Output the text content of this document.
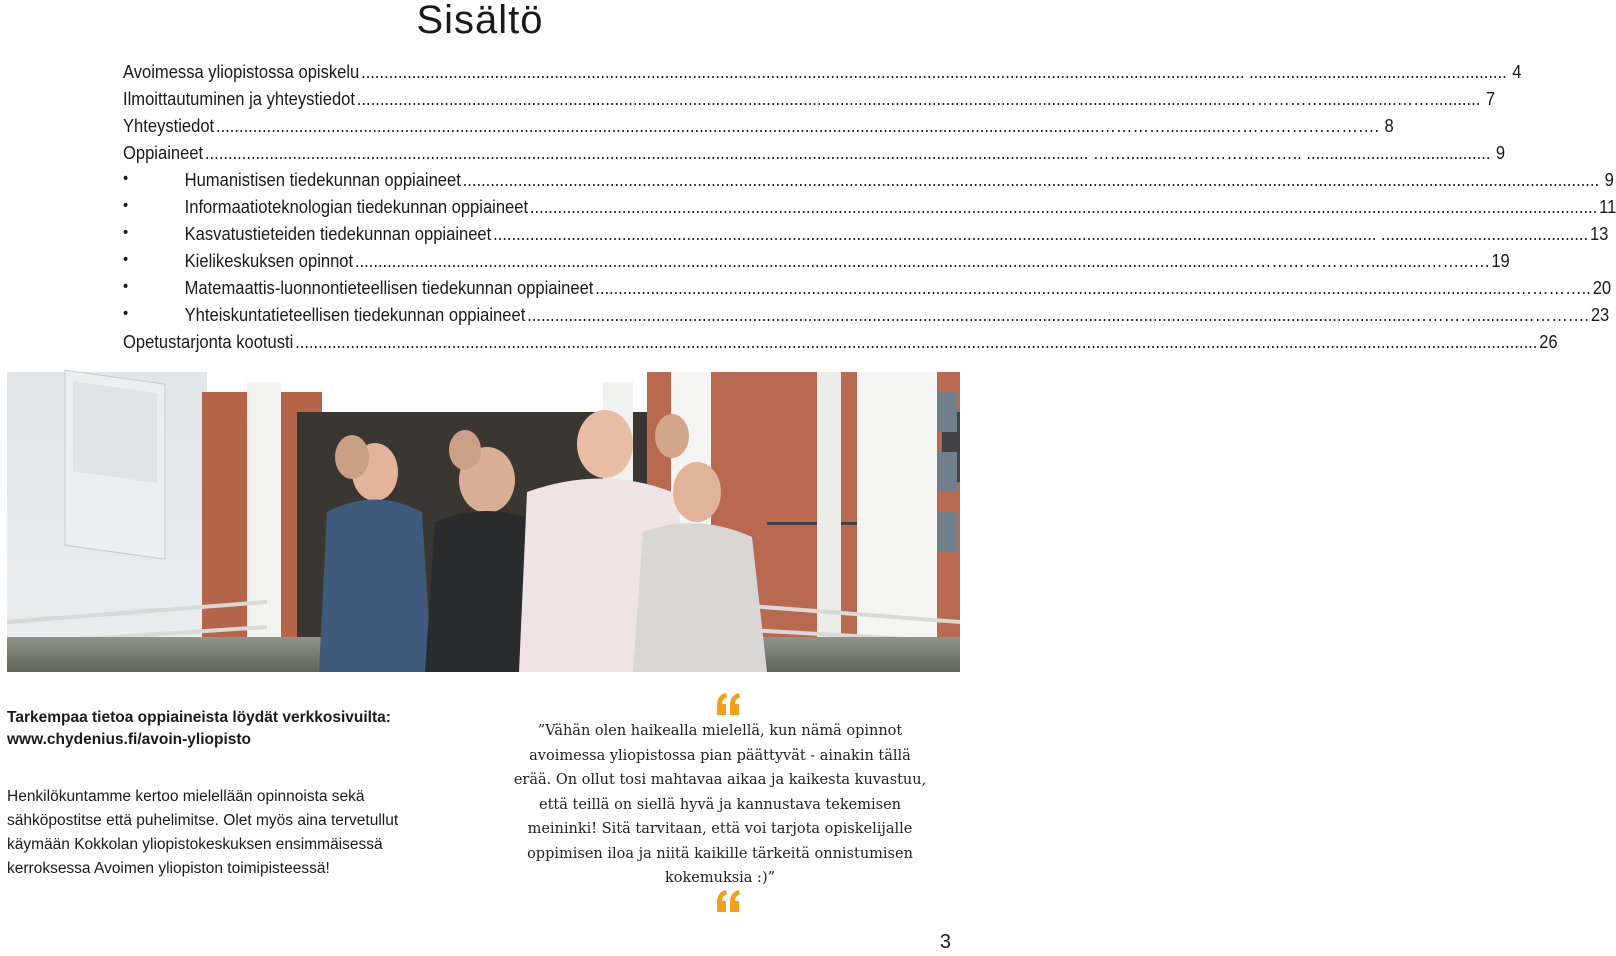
Sisältö
Avoimessa yliopistossa opiskelu	..... ........................................................ 4
Ilmoittautuminen ja yhteystiedot	..... ……………................……........... 7
Yhteystiedot	..... ………….............………………………. 8
Oppiaineet	..... ……...........………………….. ........................................ 9
•	Humanistisen tiedekunnan oppiaineet	..... ....................................................... 9
•	Informaatioteknologian tiedekunnan oppiaineet	..... ........................................ 11
•	Kasvatustieteiden tiedekunnan oppiaineet	..... ............................................. 13
•	Kielikeskuksen opinnot	..... ……………………............……..…. 19
•	Matemaattis-luonnontieteellisen tiedekunnan oppiaineet	..... ........………….. 20
•	Yhteiskuntatieteellisen tiedekunnan oppiaineet	..... ………….........…………. 23
Opetustarjonta kootusti	..... .............................................................................. 26
Tarkempaa tietoa oppiaineista löydät verkkosivuilta:
www.chydenius.fi/avoin-yliopisto
Henkilökuntamme kertoo mielellään opinnoista sekä sähköpostitse että puhelimitse. Olet myös aina tervetullut käymään Kokkolan yliopistokeskuksen ensimmäisessä kerroksessa Avoimen yliopiston toimipisteessä!
”Vähän olen haikealla mielellä, kun nämä opinnot avoimessa yliopistossa pian päättyvät - ainakin tällä erää. On ollut tosi mahtavaa aikaa ja kaikesta kuvastuu, että teillä on siellä hyvä ja kannustava tekemisen meininki! Sitä tarvitaan, että voi tarjota opiskelijalle oppimisen iloa ja niitä kaikille tärkeitä onnistumisen kokemuksia :)”
3
